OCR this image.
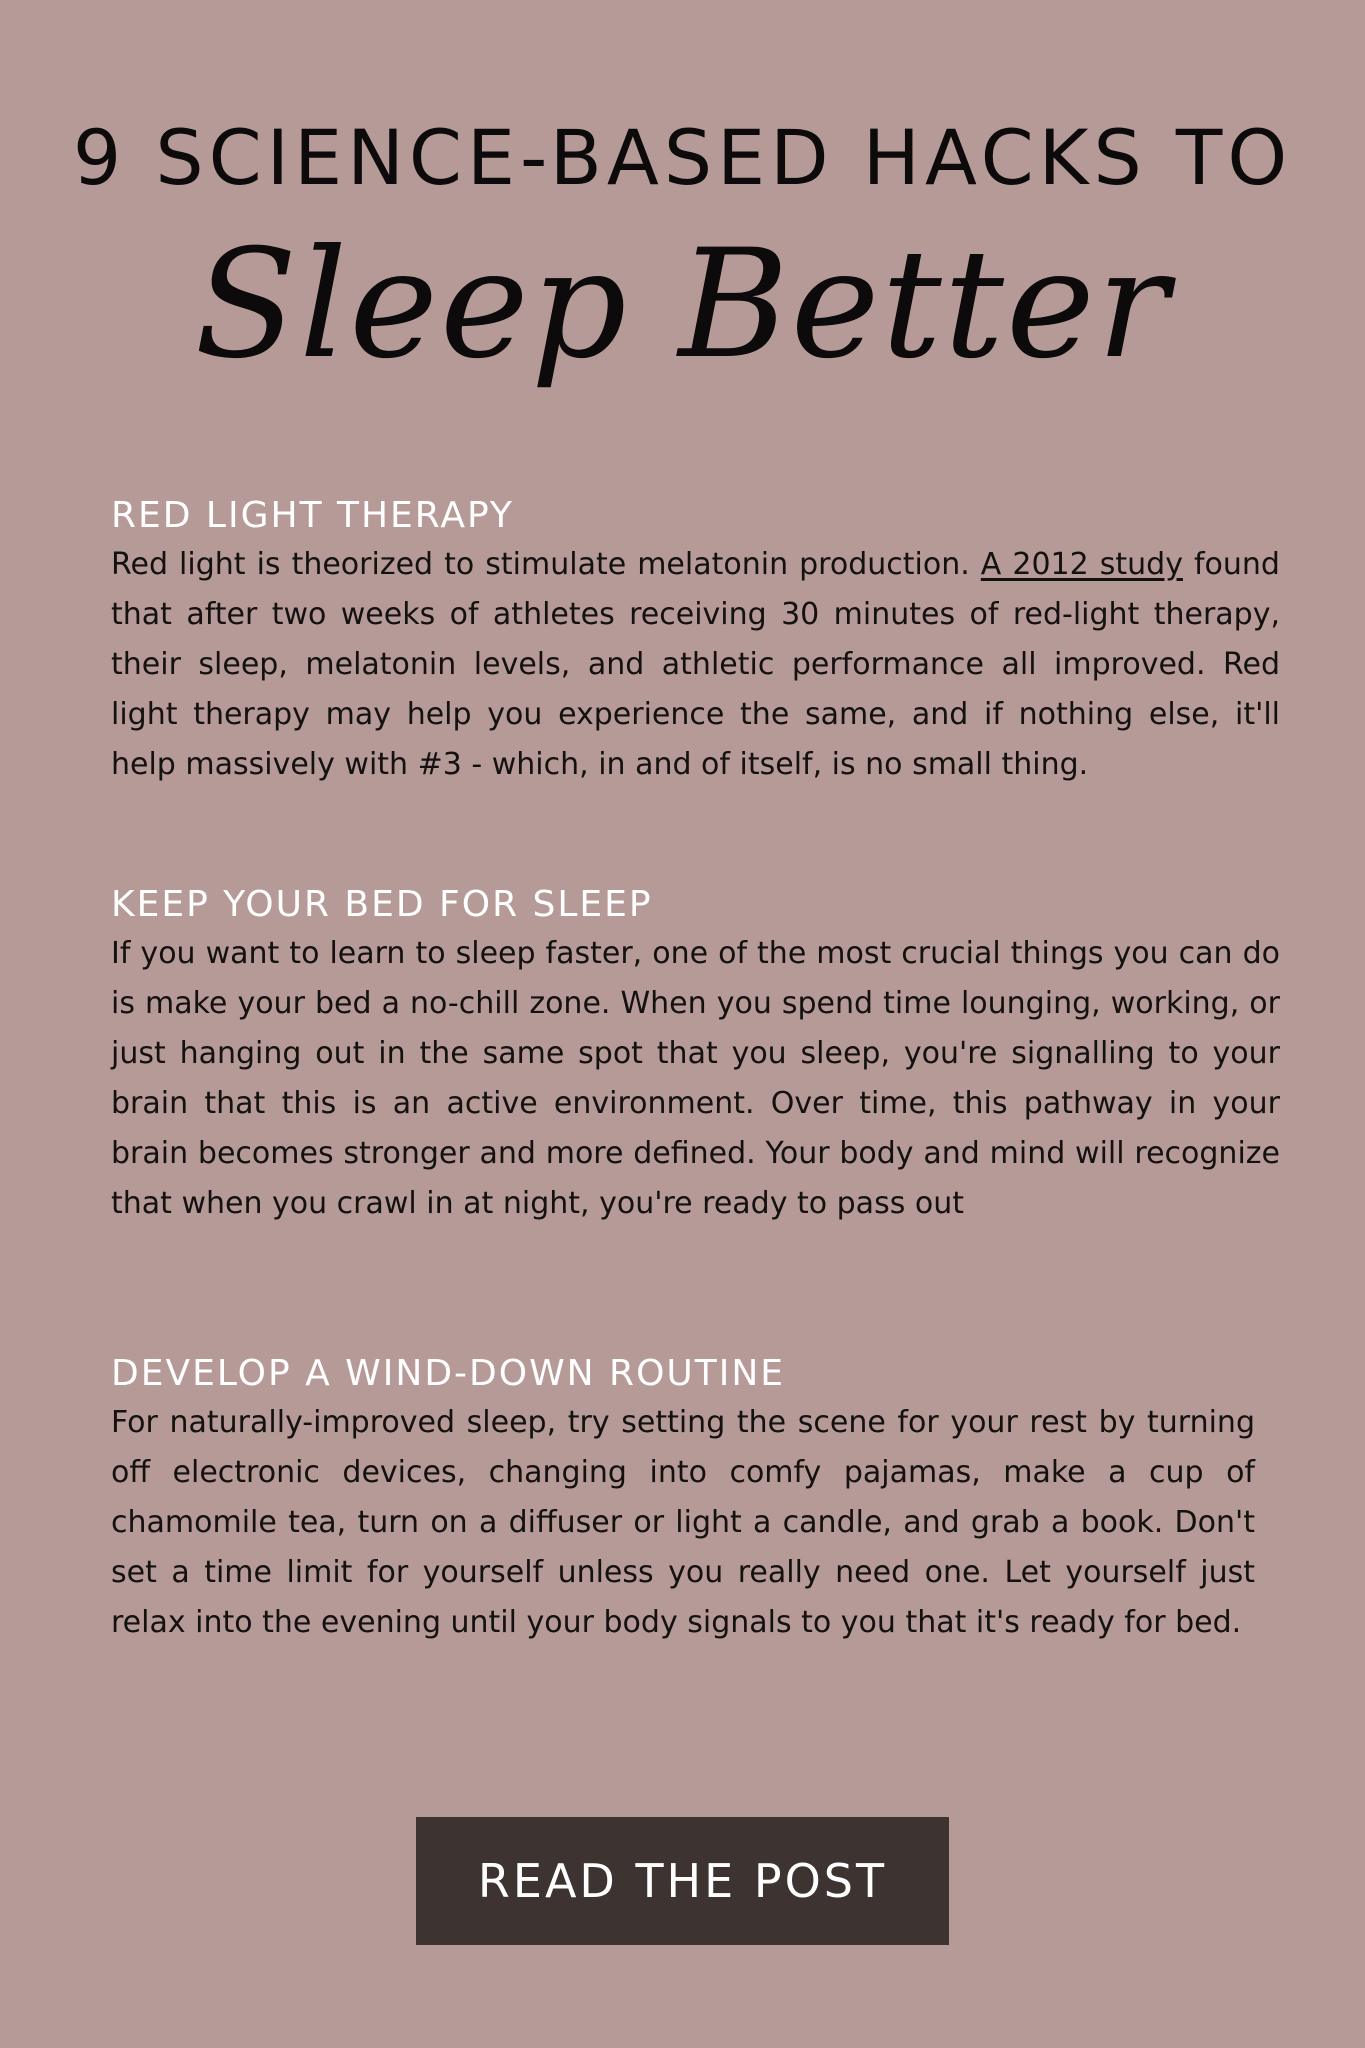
9 SCIENCE-BASED HACKS TO
Sleep Better
RED LIGHT THERAPY

Red light is theorized to stimulate melatonin production. A 2012 study found that after two weeks of athletes receiving 30 minutes of red-light therapy, their sleep, melatonin levels, and athletic performance all improved. Red light therapy may help you experience the same, and if nothing else, it'll help massively with #3 - which, in and of itself, is no small thing.

KEEP YOUR BED FOR SLEEP

If you want to learn to sleep faster, one of the most crucial things you can do is make your bed a no-chill zone. When you spend time lounging, working, or just hanging out in the same spot that you sleep, you're signalling to your brain that this is an active environment. Over time, this pathway in your brain becomes stronger and more defined. Your body and mind will recognize that when you crawl in at night, you're ready to pass out

DEVELOP A WIND-DOWN ROUTINE

For naturally-improved sleep, try setting the scene for your rest by turning off electronic devices, changing into comfy pajamas, make a cup of chamomile tea, turn on a diffuser or light a candle, and grab a book. Don't set a time limit for yourself unless you really need one. Let yourself just relax into the evening until your body signals to you that it's ready for bed.

READ THE POST
